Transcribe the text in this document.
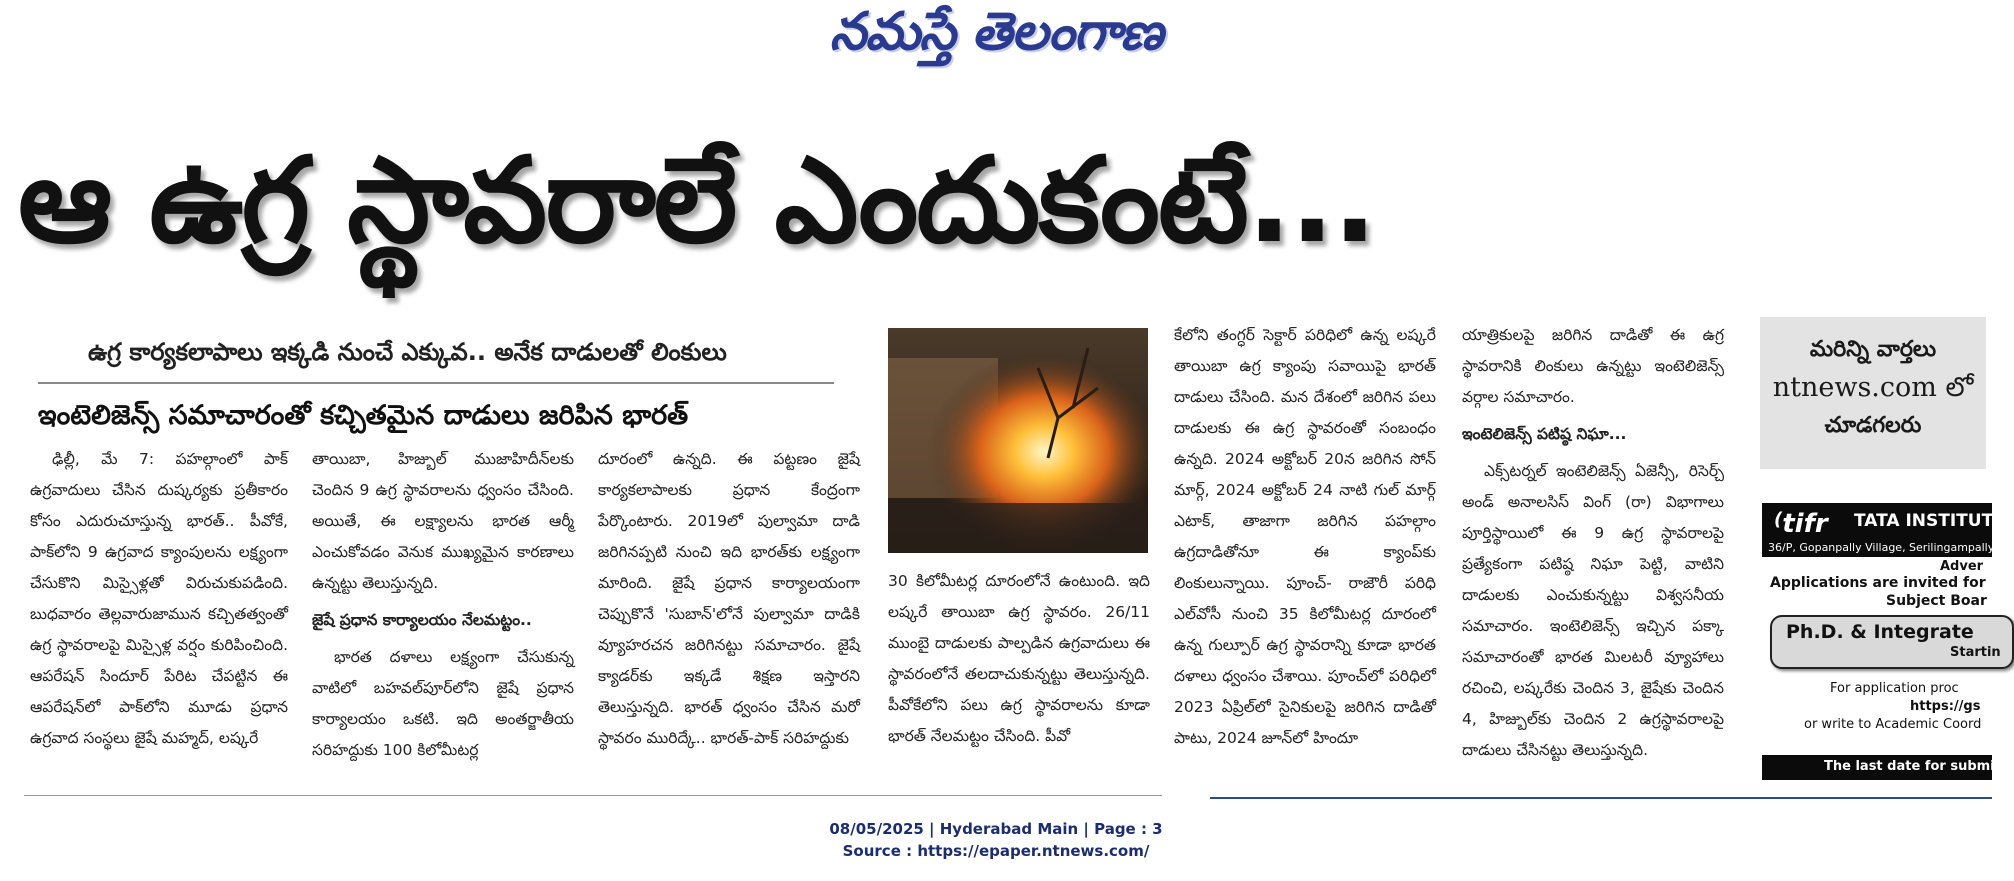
నమస్తే తెలంగాణ
ఆ ఉగ్ర స్థావరాలే ఎందుకంటే...
ఉగ్ర కార్యకలాపాలు ఇక్కడి నుంచే ఎక్కువ.. అనేక దాడులతో లింకులు
ఇంటెలిజెన్స్ సమాచారంతో కచ్చితమైన దాడులు జరిపిన భారత్

ఢిల్లీ, మే 7: పహల్గాంలో పాక్ ఉగ్రవాదులు చేసిన దుష్కర్యకు ప్రతీకారం కోసం ఎదురుచూస్తున్న భారత్.. పీవోకే, పాక్‌లోని 9 ఉగ్రవాద క్యాంపులను లక్ష్యంగా చేసుకొని మిస్సైళ్లతో విరుచుకుపడింది. బుధవారం తెల్లవారుజామున కచ్చితత్వంతో ఉగ్ర స్థావరాలపై మిస్సైళ్ల వర్షం కురిపించింది. ఆపరేషన్ సిందూర్ పేరిట చేపట్టిన ఈ ఆపరేషన్‌లో పాక్‌లోని మూడు ప్రధాన ఉగ్రవాద సంస్థలు జైషే మహ్మద్, లష్కరే

తాయిబా, హిజ్బుల్ ముజాహిదీన్‌లకు చెందిన 9 ఉగ్ర స్థావరాలను ధ్వంసం చేసింది. అయితే, ఈ లక్ష్యాలను భారత ఆర్మీ ఎంచుకోవడం వెనుక ముఖ్యమైన కారణాలు ఉన్నట్టు తెలుస్తున్నది.

జైషే ప్రధాన కార్యాలయం నేలమట్టం..

భారత దళాలు లక్ష్యంగా చేసుకున్న వాటిలో బహవల్‌పూర్‌లోని జైషే ప్రధాన కార్యాలయం ఒకటి. ఇది అంతర్జాతీయ సరిహద్దుకు 100 కిలోమీటర్ల

దూరంలో ఉన్నది. ఈ పట్టణం జైషే కార్యకలాపాలకు ప్రధాన కేంద్రంగా పేర్కొంటారు. 2019లో పుల్వామా దాడి జరిగినప్పటి నుంచి ఇది భారత్‌కు లక్ష్యంగా మారింది. జైషే ప్రధాన కార్యాలయంగా చెప్పుకొనే 'సుబాన్'లోనే పుల్వామా దాడికి వ్యూహరచన జరిగినట్టు సమాచారం. జైషే క్యాడర్‌కు ఇక్కడే శిక్షణ ఇస్తారని తెలుస్తున్నది. భారత్ ధ్వంసం చేసిన మరో స్థావరం మురిద్కే.. భారత్-పాక్ సరిహద్దుకు

30 కిలోమీటర్ల దూరంలోనే ఉంటుంది. ఇది లష్కరే తాయిబా ఉగ్ర స్థావరం. 26/11 ముంబై దాడులకు పాల్పడిన ఉగ్రవాదులు ఈ స్థావరంలోనే తలదాచుకున్నట్టు తెలుస్తున్నది. పీవోకేలోని పలు ఉగ్ర స్థావరాలను కూడా భారత్ నేలమట్టం చేసింది. పీవో

కేలోని తంగ్ధర్ సెక్టార్ పరిధిలో ఉన్న లష్కరే తాయిబా ఉగ్ర క్యాంపు సవాయిపై భారత్ దాడులు చేసింది. మన దేశంలో జరిగిన పలు దాడులకు ఈ ఉగ్ర స్థావరంతో సంబంధం ఉన్నది. 2024 అక్టోబర్ 20న జరిగిన సోన్ మార్గ్, 2024 అక్టోబర్ 24 నాటి గుల్ మార్గ్ ఎటాక్, తాజాగా జరిగిన పహల్గాం ఉగ్రదాడితోనూ ఈ క్యాంప్‌కు లింకులున్నాయి. పూంచ్- రాజౌరీ పరిధి ఎల్‌వోసీ నుంచి 35 కిలోమీటర్ల దూరంలో ఉన్న గుల్పూర్ ఉగ్ర స్థావరాన్ని కూడా భారత దళాలు ధ్వంసం చేశాయి. పూంచ్‌లో పరిధిలో 2023 ఏప్రిల్‌లో సైనికులపై జరిగిన దాడితో పాటు, 2024 జూన్‌లో హిందూ

యాత్రికులపై జరిగిన దాడితో ఈ ఉగ్ర స్థావరానికి లింకులు ఉన్నట్టు ఇంటెలిజెన్స్ వర్గాల సమాచారం.

ఇంటెలిజెన్స్ పటిష్ఠ నిఘా...

ఎక్స్‌టర్నల్ ఇంటెలిజెన్స్ ఏజెన్సీ, రిసెర్చ్ అండ్ అనాలసిస్ వింగ్ (రా) విభాగాలు పూర్తిస్థాయిలో ఈ 9 ఉగ్ర స్థావరాలపై ప్రత్యేకంగా పటిష్ఠ నిఘా పెట్టి, వాటిని దాడులకు ఎంచుకున్నట్టు విశ్వసనీయ సమాచారం. ఇంటెలిజెన్స్ ఇచ్చిన పక్కా సమాచారంతో భారత మిలటరీ వ్యూహాలు రచించి, లష్కరేకు చెందిన 3, జైషేకు చెందిన 4, హిజ్బుల్‌కు చెందిన 2 ఉగ్రస్థావరాలపై దాడులు చేసినట్టు తెలుస్తున్నది.

మరిన్ని వార్తలు
ntnews.com లో
చూడగలరు
(tifr TATA INSTITUT
36/P, Gopanpally Village, Serilingampally
Adver
Applications are invited for
Subject Boar
Ph.D. & Integrate
Startin
For application proc
https://gs
or write to Academic Coord
The last date for submitt
08/05/2025 | Hyderabad Main | Page : 3
Source : https://epaper.ntnews.com/
